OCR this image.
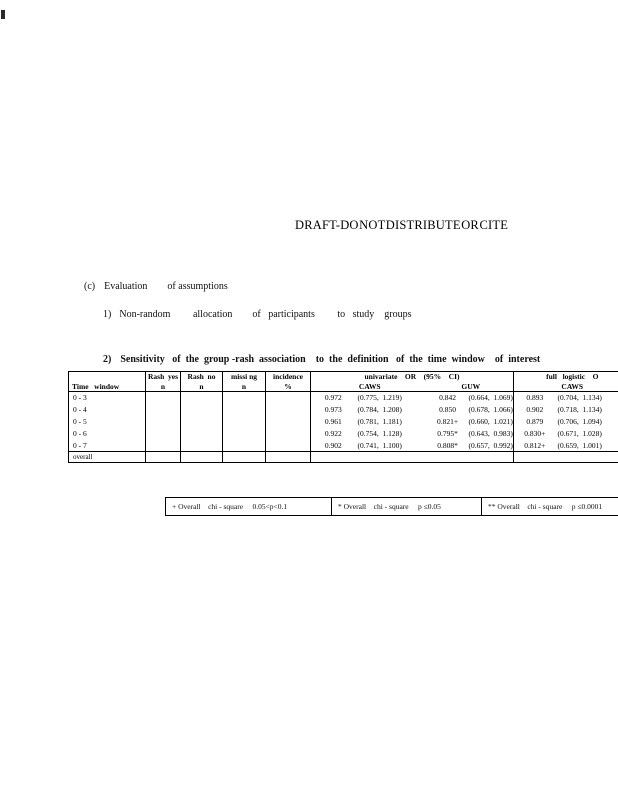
DRAFT-DO NOT DISTRIBUTE OR CITE
(c) Evaluation        of assumptions
1) Non-random         allocation        of   participants         to   study    groups
2) Sensitivity   of  the  group -rash  association    to  the  definition   of  the  time  window    of  interest
	Rash  yes	Rash  no	missi ng	incidence	univariate    OR    (95%    CI)				full   logistic    O	
Time   window	n	n	n	%	CAWS		GUW		CAWS	
0 - 3					0.972	(0.775,  1.219)	0.842	(0.664,  1.069)	0.893	(0.704,  1.134)
0 - 4					0.973	(0.784,  1.208)	0.850	(0.678,  1.066)	0.902	(0.718,  1.134)
0 - 5					0.961	(0.781,  1.181)	0.821+	(0.660,  1.021)	0.879	(0.706,  1.094)
0 - 6					0.922	(0.754,  1.128)	0.795*	(0.643,  0.983)	0.830+	(0.671,  1.028)
0 - 7					0.902	(0.741,  1.100)	0.808*	(0.657,  0.992)	0.812+	(0.659,  1.001)
overall										
+ Overall    chi - square     0.05<p<0.1	* Overall    chi - square     p ≤0.05	** Overall    chi - square     p ≤0.0001
